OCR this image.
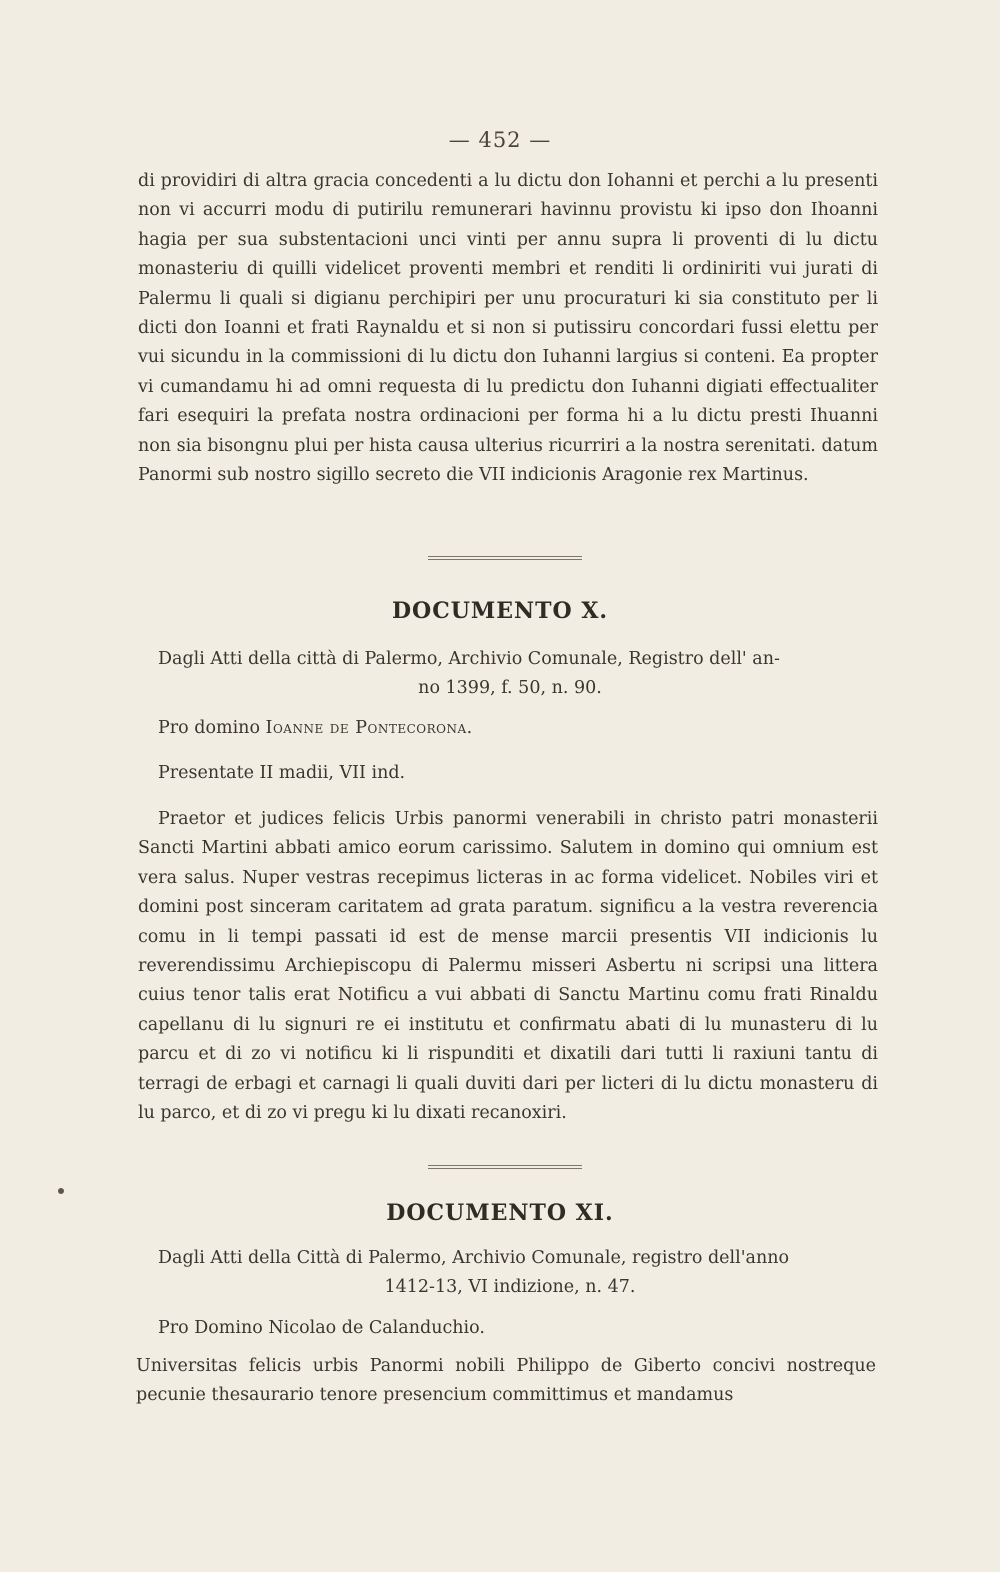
— 452 —

di providiri di altra gracia concedenti a lu dictu don Iohanni et perchi a lu presenti non vi accurri modu di putirilu remunerari havinnu provistu ki ipso don Ihoanni hagia per sua substentacioni unci vinti per annu supra li proventi di lu dictu monasteriu di quilli videlicet proventi membri et renditi li ordiniriti vui jurati di Palermu li quali si digianu perchipiri per unu procuraturi ki sia constituto per li dicti don Ioanni et frati Raynaldu et si non si putissiru concordari fussi elettu per vui sicundu in la commissioni di lu dictu don Iuhanni largius si conteni. Ea propter vi cumandamu hi ad omni requesta di lu predictu don Iuhanni digiati effectualiter fari esequiri la prefata nostra ordinacioni per forma hi a lu dictu presti Ihuanni non sia bisongnu plui per hista causa ulterius ricurriri a la nostra serenitati. datum Panormi sub nostro sigillo secreto die VII indicionis Aragonie rex Martinus.

DOCUMENTO X.
Dagli Atti della città di Palermo, Archivio Comunale, Registro dell' an-
no 1399, f. 50, n. 90.
Pro domino Ioanne de Pontecorona.
Presentate II madii, VII ind.

Praetor et judices felicis Urbis panormi venerabili in christo patri monasterii Sancti Martini abbati amico eorum carissimo. Salutem in domino qui omnium est vera salus. Nuper vestras recepimus licteras in ac forma videlicet. Nobiles viri et domini post sinceram caritatem ad grata paratum. significu a la vestra reverencia comu in li tempi passati id est de mense marcii presentis VII indicionis lu reverendissimu Archiepiscopu di Palermu misseri Asbertu ni scripsi una littera cuius tenor talis erat Notificu a vui abbati di Sanctu Martinu comu frati Rinaldu capellanu di lu signuri re ei institutu et confirmatu abati di lu munasteru di lu parcu et di zo vi notificu ki li rispunditi et dixatili dari tutti li raxiuni tantu di terragi de erbagi et carnagi li quali duviti dari per licteri di lu dictu monasteru di lu parco, et di zo vi pregu ki lu dixati recanoxiri.

DOCUMENTO XI.
Dagli Atti della Città di Palermo, Archivio Comunale, registro dell'anno
1412-13, VI indizione, n. 47.
Pro Domino Nicolao de Calanduchio.

Universitas felicis urbis Panormi nobili Philippo de Giberto concivi nostreque pecunie thesaurario tenore presencium committimus et mandamus
